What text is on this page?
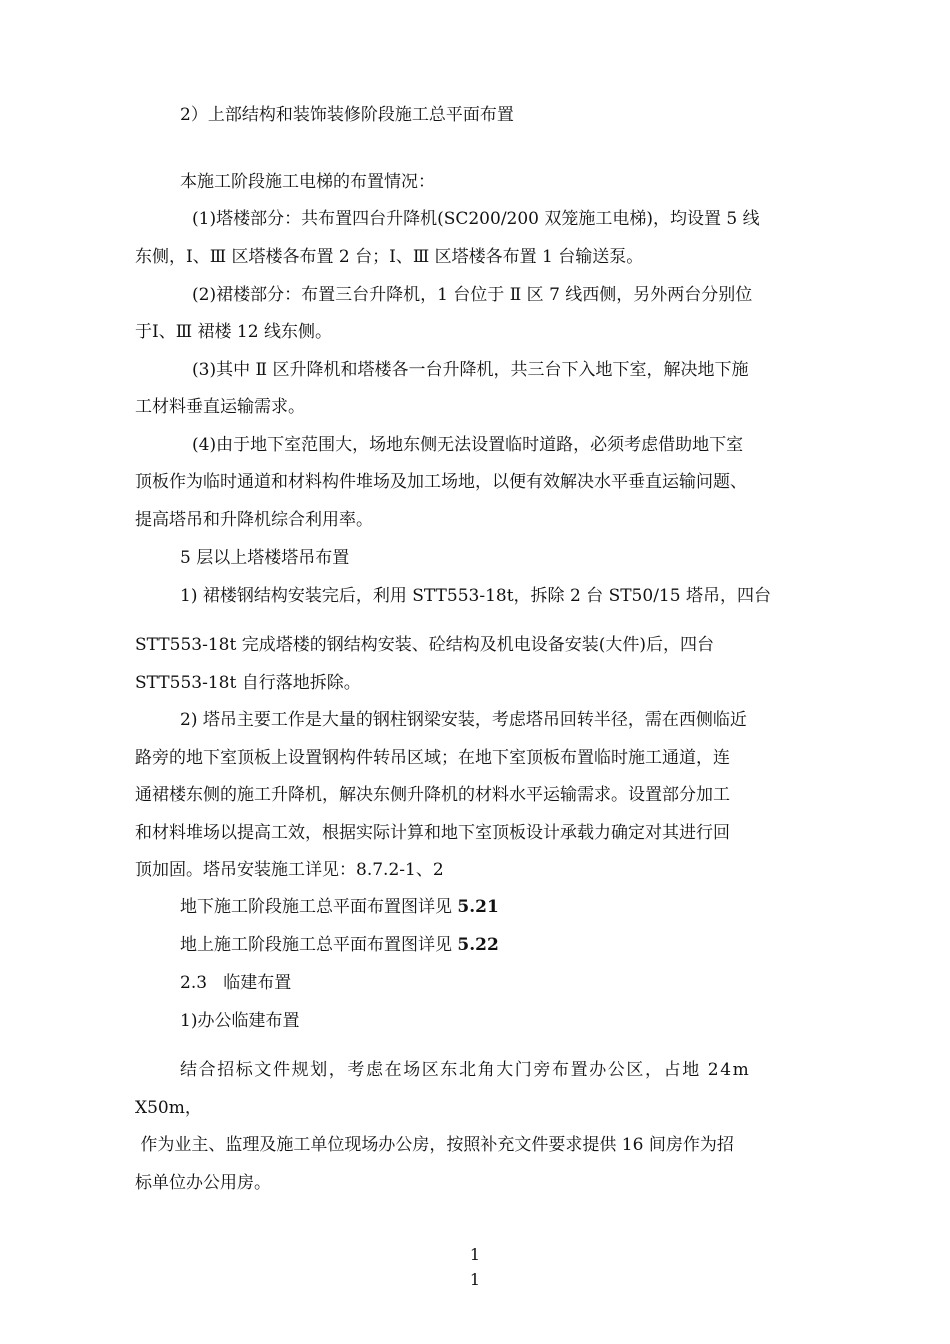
2）上部结构和装饰装修阶段施工总平面布置
本施工阶段施工电梯的布置情况：
(1)塔楼部分：共布置四台升降机(SC200/200 双笼施工电梯)，均设置 5 线
东侧，Ⅰ、Ⅲ 区塔楼各布置 2 台；Ⅰ、Ⅲ 区塔楼各布置 1 台输送泵。
(2)裙楼部分：布置三台升降机，1 台位于 Ⅱ 区 7 线西侧，另外两台分别位
于Ⅰ、Ⅲ 裙楼 12 线东侧。
(3)其中 Ⅱ 区升降机和塔楼各一台升降机，共三台下入地下室，解决地下施
工材料垂直运输需求。
(4)由于地下室范围大，场地东侧无法设置临时道路，必须考虑借助地下室
顶板作为临时通道和材料构件堆场及加工场地，以便有效解决水平垂直运输问题、
提高塔吊和升降机综合利用率。
5 层以上塔楼塔吊布置
1) 裙楼钢结构安装完后，利用 STT553-18t，拆除 2 台 ST50/15 塔吊，四台
STT553-18t 完成塔楼的钢结构安装、砼结构及机电设备安装(大件)后，四台
STT553-18t 自行落地拆除。
2) 塔吊主要工作是大量的钢柱钢梁安装，考虑塔吊回转半径，需在西侧临近
路旁的地下室顶板上设置钢构件转吊区域；在地下室顶板布置临时施工通道，连
通裙楼东侧的施工升降机，解决东侧升降机的材料水平运输需求。设置部分加工
和材料堆场以提高工效，根据实际计算和地下室顶板设计承载力确定对其进行回
顶加固。塔吊安装施工详见：8.7.2-1、2
地下施工阶段施工总平面布置图详见 5.21
地上施工阶段施工总平面布置图详见 5.22
2.3   临建布置
1)办公临建布置
结合招标文件规划，考虑在场区东北角大门旁布置办公区，占地 24m
X50m，
作为业主、监理及施工单位现场办公房，按照补充文件要求提供 16 间房作为招
标单位办公用房。
1
1
